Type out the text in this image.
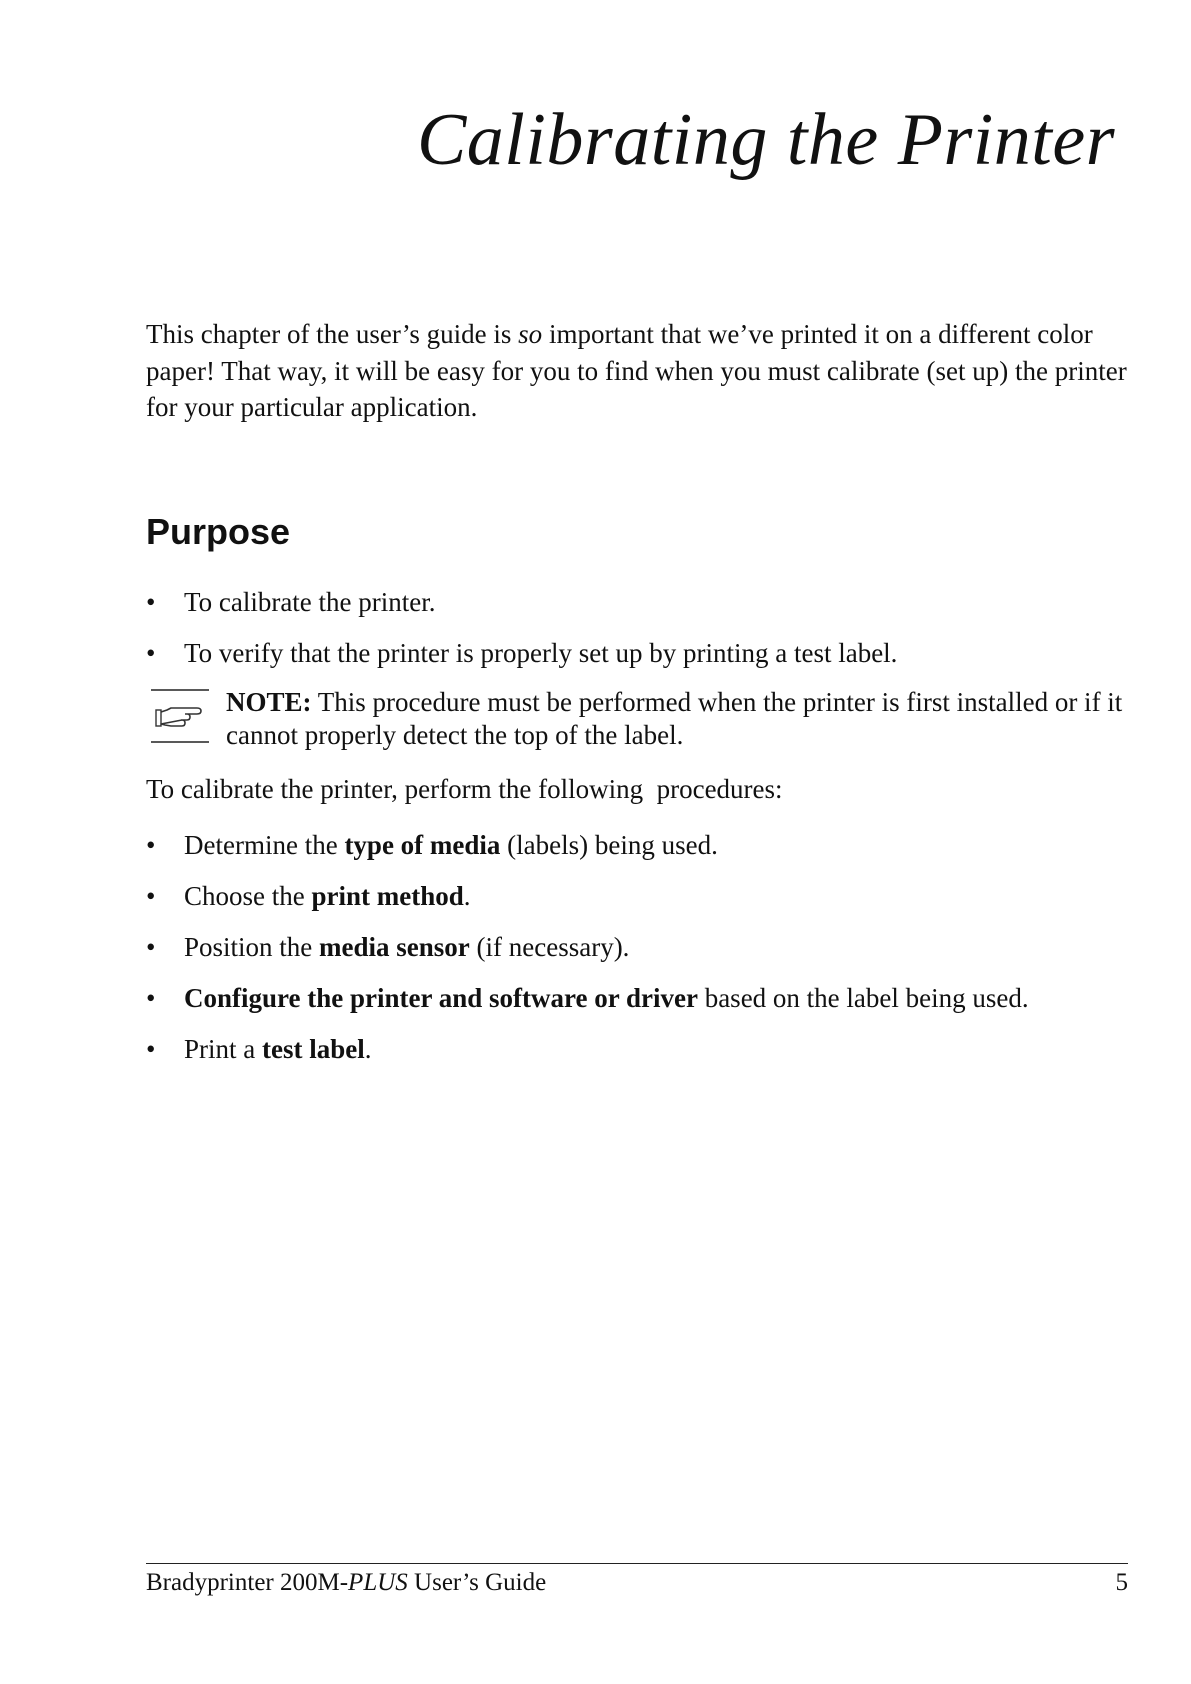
Calibrating the Printer

This chapter of the user’s guide is so important that we’ve printed it on a different color paper! That way, it will be easy for you to find when you must calibrate (set up) the printer for your particular application.

Purpose
• To calibrate the printer.
• To verify that the printer is properly set up by printing a test label.

NOTE: This procedure must be performed when the printer is first installed or if it cannot properly detect the top of the label.

To calibrate the printer, perform the following  procedures:

• Determine the type of media (labels) being used.
• Choose the print method.
• Position the media sensor (if necessary).
• Configure the printer and software or driver based on the label being used.
• Print a test label.

Bradyprinter 200M-PLUS User’s Guide	5
